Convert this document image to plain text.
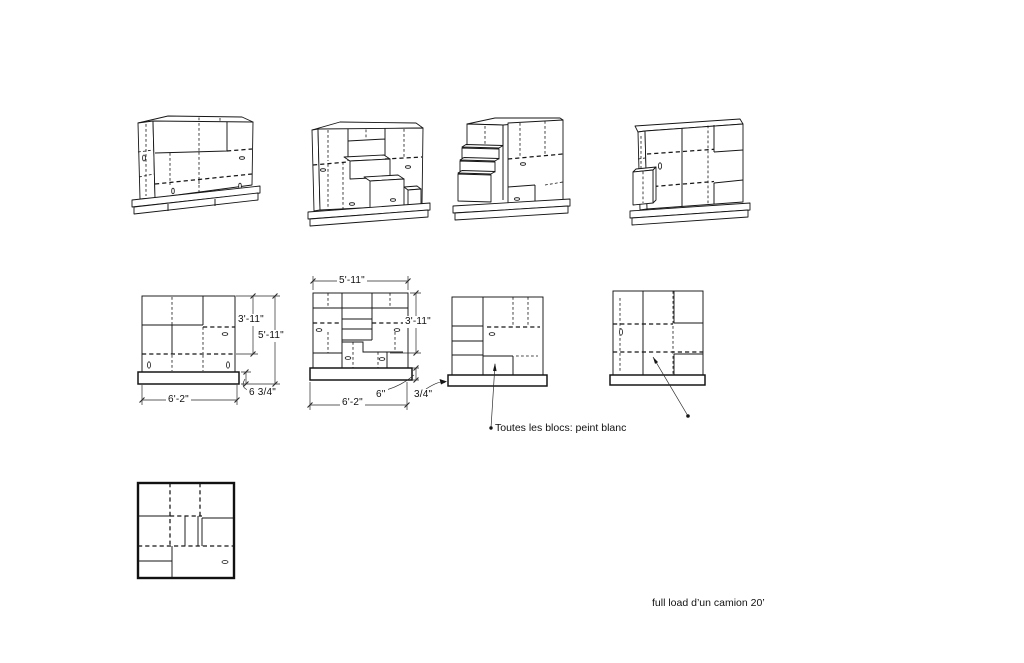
3'-11"
5'-11"
6 3/4"
6'-2"
5'-11"
3'-11"
6"	3/4"
6'-2"
Toutes les blocs: peint blanc
full load d’un camion 20’
